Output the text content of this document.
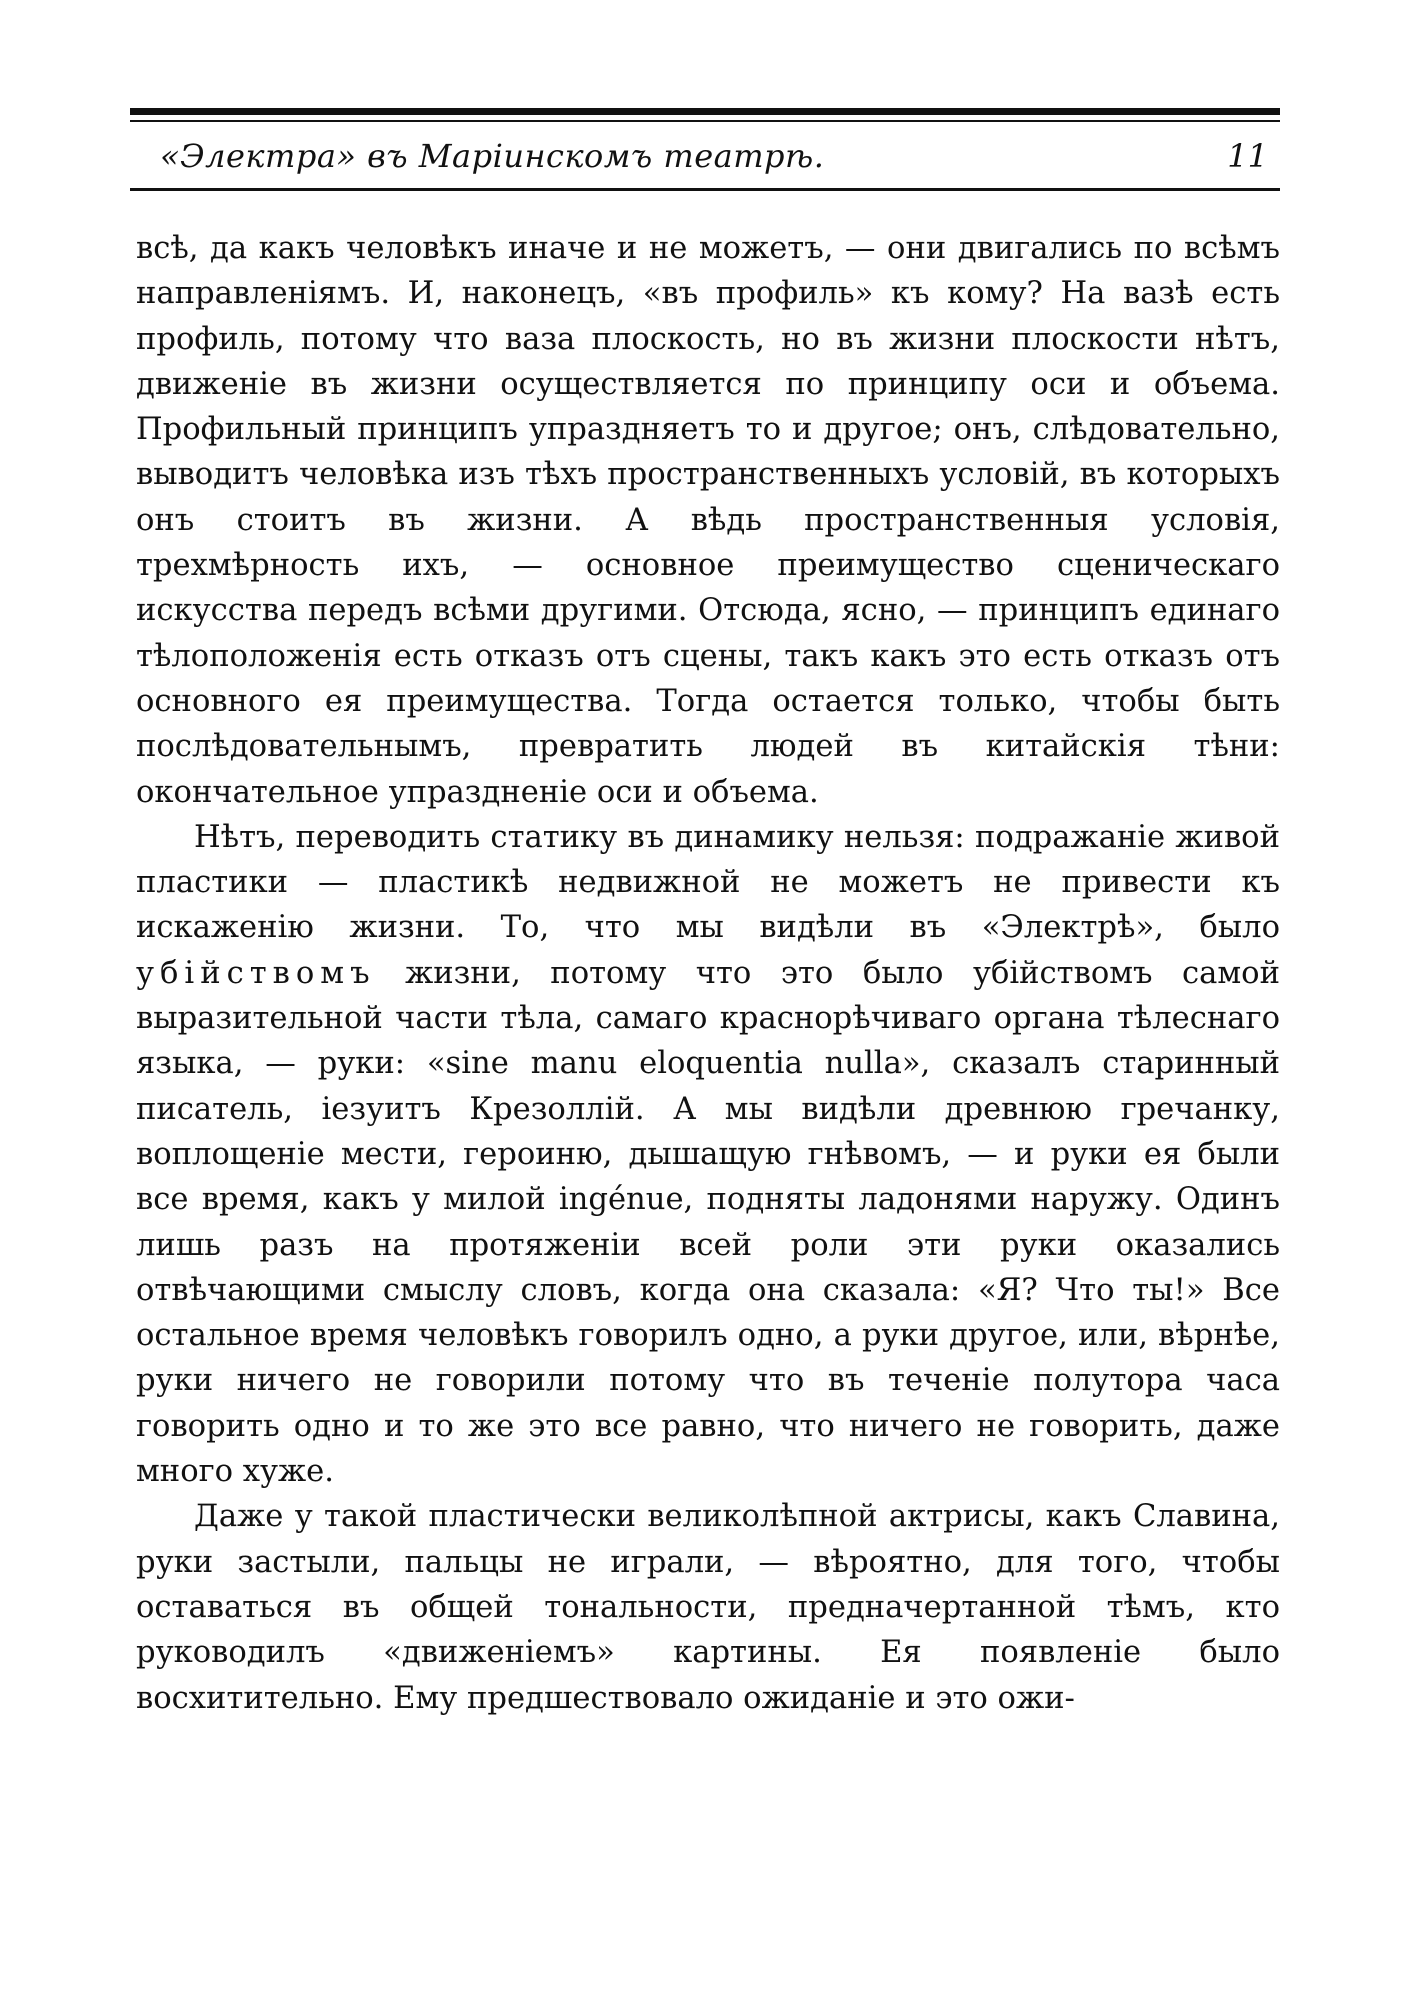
«Электра» въ Маріинскомъ театрѣ.	11

всѣ, да какъ человѣкъ иначе и не можетъ, — они двигались по всѣмъ направленіямъ. И, наконецъ, «въ профиль» къ кому? На вазѣ есть профиль, потому что ваза плоскость, но въ жизни плоскости нѣтъ, движеніе въ жизни осуществляется по принципу оси и объема. Профильный принципъ упраздняетъ то и другое; онъ, слѣдовательно, выводитъ человѣка изъ тѣхъ пространственныхъ условій, въ которыхъ онъ стоитъ въ жизни. А вѣдь пространственныя условія, трехмѣрность ихъ, — основное преимущество сценическаго искусства передъ всѣми другими. Отсюда, ясно, — принципъ единаго тѣлоположенія есть отказъ отъ сцены, такъ какъ это есть отказъ отъ основного ея преимущества. Тогда остается только, чтобы быть послѣдовательнымъ, превратить людей въ китайскія тѣни: окончательное упраздненіе оси и объема.

Нѣтъ, переводить статику въ динамику нельзя: подражаніе живой пластики — пластикѣ недвижной не можетъ не привести къ искаженію жизни. То, что мы видѣли въ «Электрѣ», было убійствомъ жизни, потому что это было убійствомъ самой выразительной части тѣла, самаго краснорѣчиваго органа тѣлеснаго языка, — руки: «sine manu eloquentia nulla», сказалъ старинный писатель, іезуитъ Крезоллій. А мы видѣли древнюю гречанку, воплощеніе мести, героиню, дышащую гнѣвомъ, — и руки ея были все время, какъ у милой ingénue, подняты ладонями наружу. Одинъ лишь разъ на протяженіи всей роли эти руки оказались отвѣчающими смыслу словъ, когда она сказала: «Я? Что ты!» Все остальное время человѣкъ говорилъ одно, а руки другое, или, вѣрнѣе, руки ничего не говорили потому что въ теченіе полутора часа говорить одно и то же это все равно, что ничего не говорить, даже много хуже.

Даже у такой пластически великолѣпной актрисы, какъ Славина, руки застыли, пальцы не играли, — вѣроятно, для того, чтобы оставаться въ общей тональности, предначертанной тѣмъ, кто руководилъ «движеніемъ» картины. Ея появленіе было восхитительно. Ему предшествовало ожиданіе и это ожи-
